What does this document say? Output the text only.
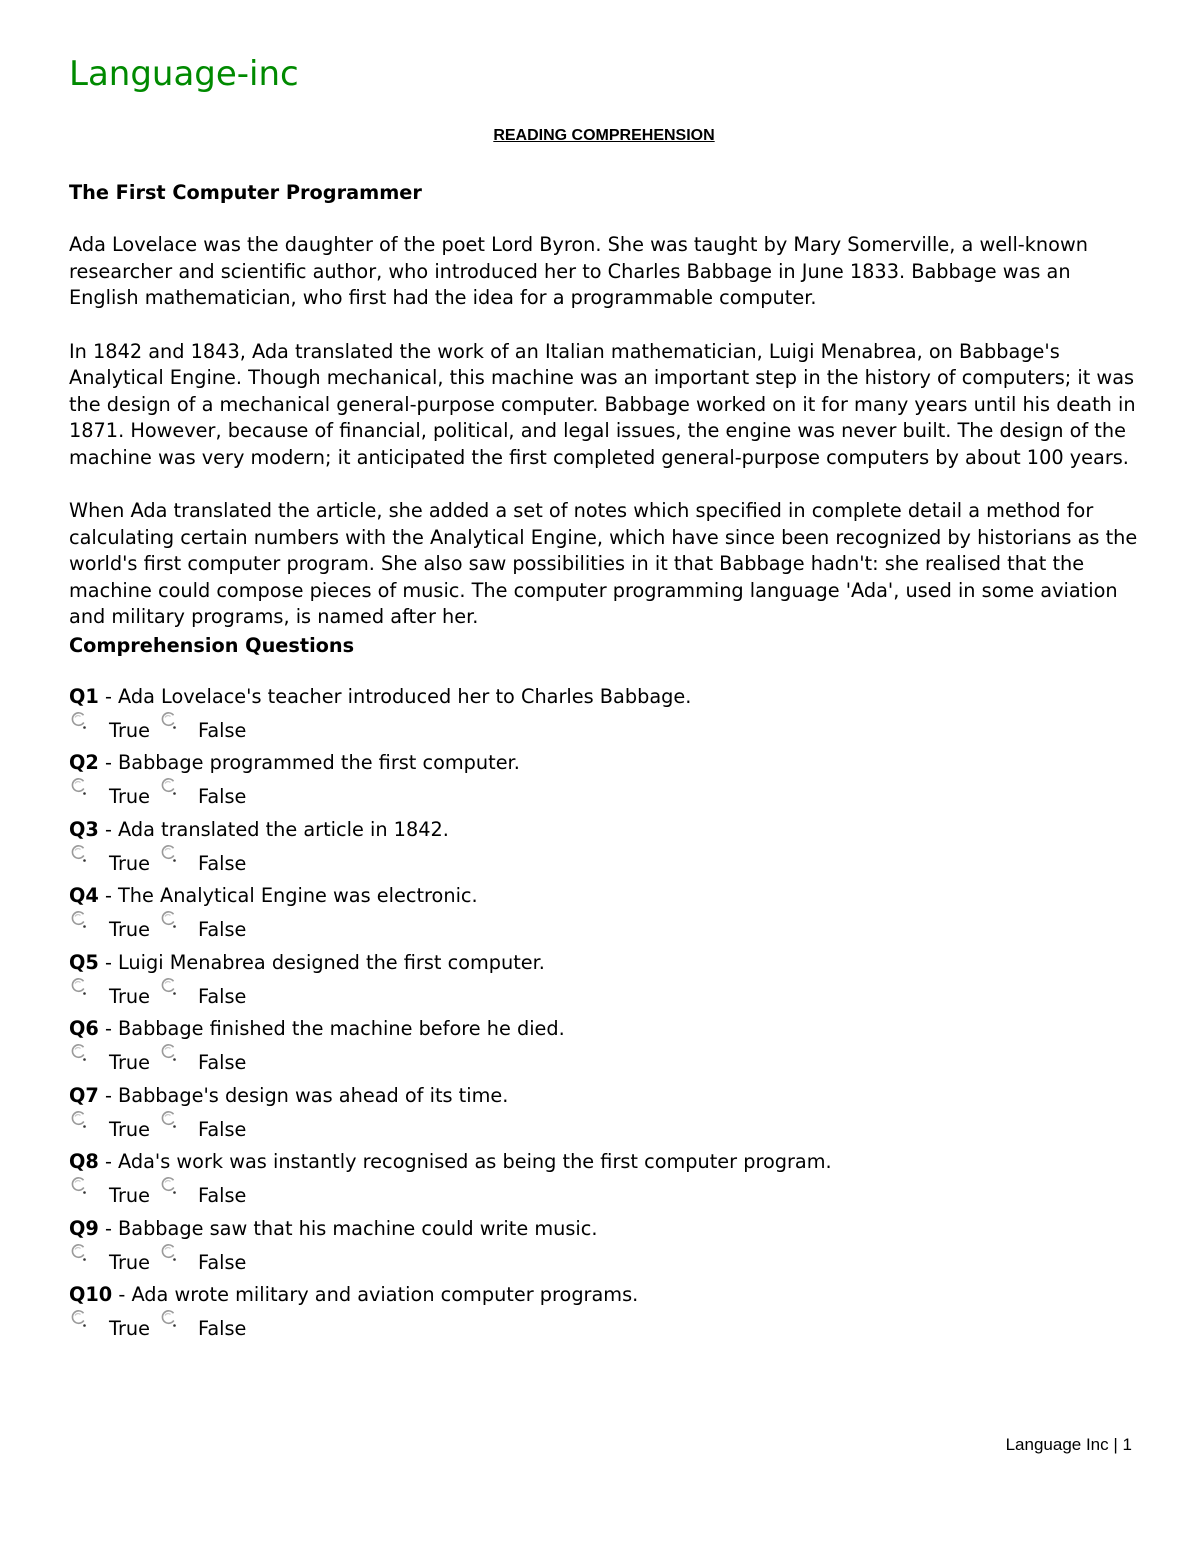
Language-inc
READING COMPREHENSION
The First Computer Programmer

Ada Lovelace was the daughter of the poet Lord Byron. She was taught by Mary Somerville, a well-known researcher and scientific author, who introduced her to Charles Babbage in June 1833. Babbage was an English mathematician, who first had the idea for a programmable computer.

In 1842 and 1843, Ada translated the work of an Italian mathematician, Luigi Menabrea, on Babbage's Analytical Engine. Though mechanical, this machine was an important step in the history of computers; it was the design of a mechanical general-purpose computer. Babbage worked on it for many years until his death in 1871. However, because of financial, political, and legal issues, the engine was never built. The design of the machine was very modern; it anticipated the first completed general-purpose computers by about 100 years.

When Ada translated the article, she added a set of notes which specified in complete detail a method for calculating certain numbers with the Analytical Engine, which have since been recognized by historians as the world's first computer program. She also saw possibilities in it that Babbage hadn't: she realised that the machine could compose pieces of music. The computer programming language 'Ada', used in some aviation and military programs, is named after her.

Comprehension Questions
Q1 - Ada Lovelace's teacher introduced her to Charles Babbage.
True False
Q2 - Babbage programmed the first computer.
True False
Q3 - Ada translated the article in 1842.
True False
Q4 - The Analytical Engine was electronic.
True False
Q5 - Luigi Menabrea designed the first computer.
True False
Q6 - Babbage finished the machine before he died.
True False
Q7 - Babbage's design was ahead of its time.
True False
Q8 - Ada's work was instantly recognised as being the first computer program.
True False
Q9 - Babbage saw that his machine could write music.
True False
Q10 - Ada wrote military and aviation computer programs.
True False
Language Inc | 1
